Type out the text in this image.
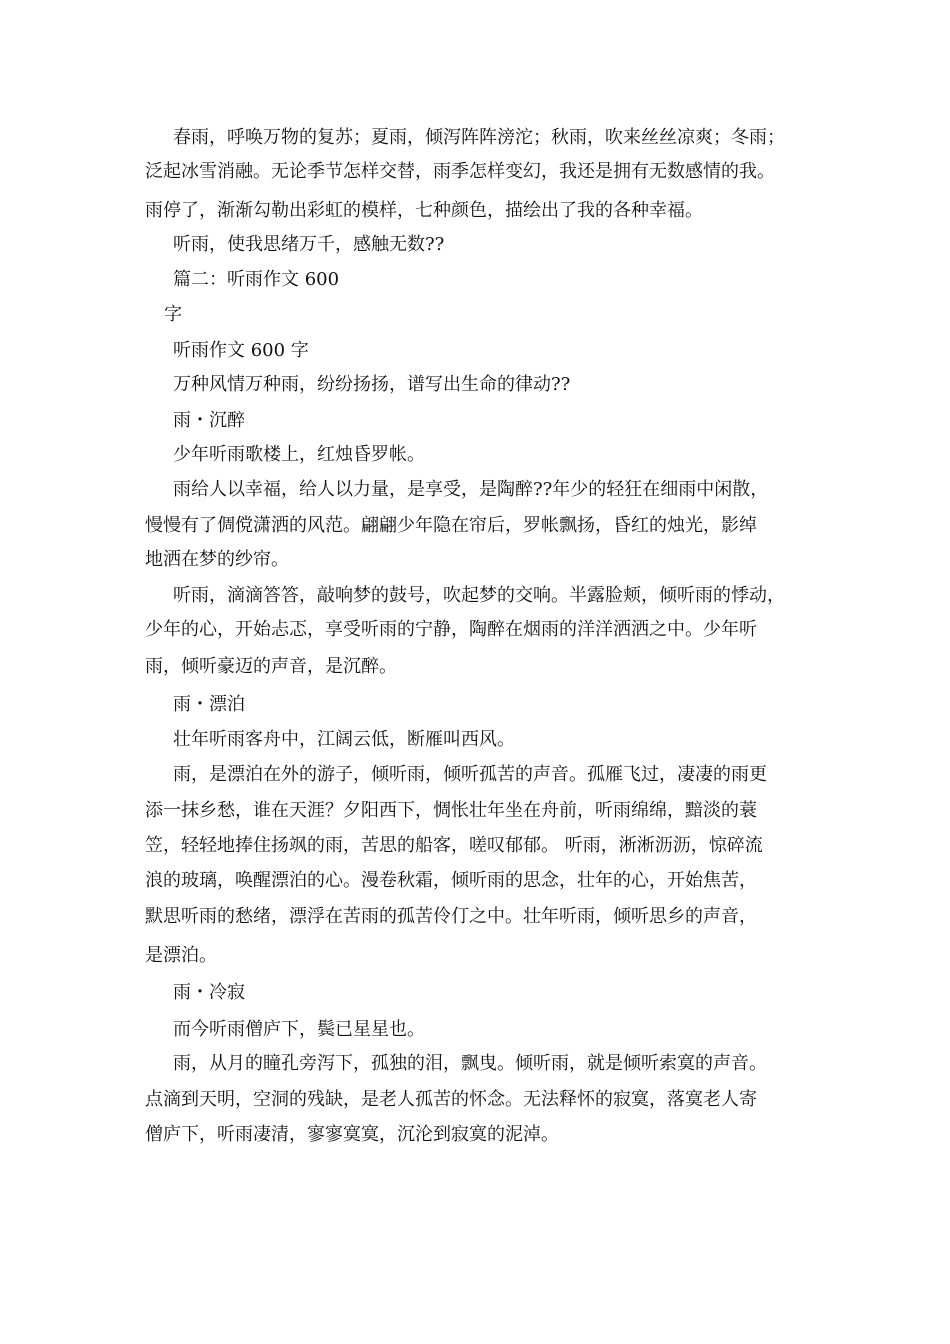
春雨，呼唤万物的复苏；夏雨，倾泻阵阵滂沱；秋雨，吹来丝丝凉爽；冬雨；

泛起冰雪消融。无论季节怎样交替，雨季怎样变幻，我还是拥有无数感情的我。

雨停了，渐渐勾勒出彩虹的模样，七种颜色，描绘出了我的各种幸福。

听雨，使我思绪万千，感触无数??

篇二：听雨作文 600

字

听雨作文 600 字

万种风情万种雨，纷纷扬扬，谱写出生命的律动??

雨・沉醉

少年听雨歌楼上，红烛昏罗帐。

雨给人以幸福，给人以力量，是享受，是陶醉??年少的轻狂在细雨中闲散，

慢慢有了倜傥潇洒的风范。翩翩少年隐在帘后，罗帐飘扬，昏红的烛光，影绰

地洒在梦的纱帘。

听雨，滴滴答答，敲响梦的鼓号，吹起梦的交响。半露脸颊，倾听雨的悸动，

少年的心，开始忐忑，享受听雨的宁静，陶醉在烟雨的洋洋洒洒之中。少年听

雨，倾听豪迈的声音，是沉醉。

雨・漂泊

壮年听雨客舟中，江阔云低，断雁叫西风。

雨，是漂泊在外的游子，倾听雨，倾听孤苦的声音。孤雁飞过，凄凄的雨更

添一抹乡愁，谁在天涯？夕阳西下，惆怅壮年坐在舟前，听雨绵绵，黯淡的蓑

笠，轻轻地捧住扬飒的雨，苦思的船客，嗟叹郁郁。 听雨，淅淅沥沥，惊碎流

浪的玻璃，唤醒漂泊的心。漫卷秋霜，倾听雨的思念，壮年的心，开始焦苦，

默思听雨的愁绪，漂浮在苦雨的孤苦伶仃之中。壮年听雨，倾听思乡的声音，

是漂泊。

雨・冷寂

而今听雨僧庐下，鬓已星星也。

雨，从月的瞳孔旁泻下，孤独的泪，飘曳。倾听雨，就是倾听索寞的声音。

点滴到天明，空洞的残缺，是老人孤苦的怀念。无法释怀的寂寞，落寞老人寄

僧庐下，听雨凄清，寥寥寞寞，沉沦到寂寞的泥淖。
